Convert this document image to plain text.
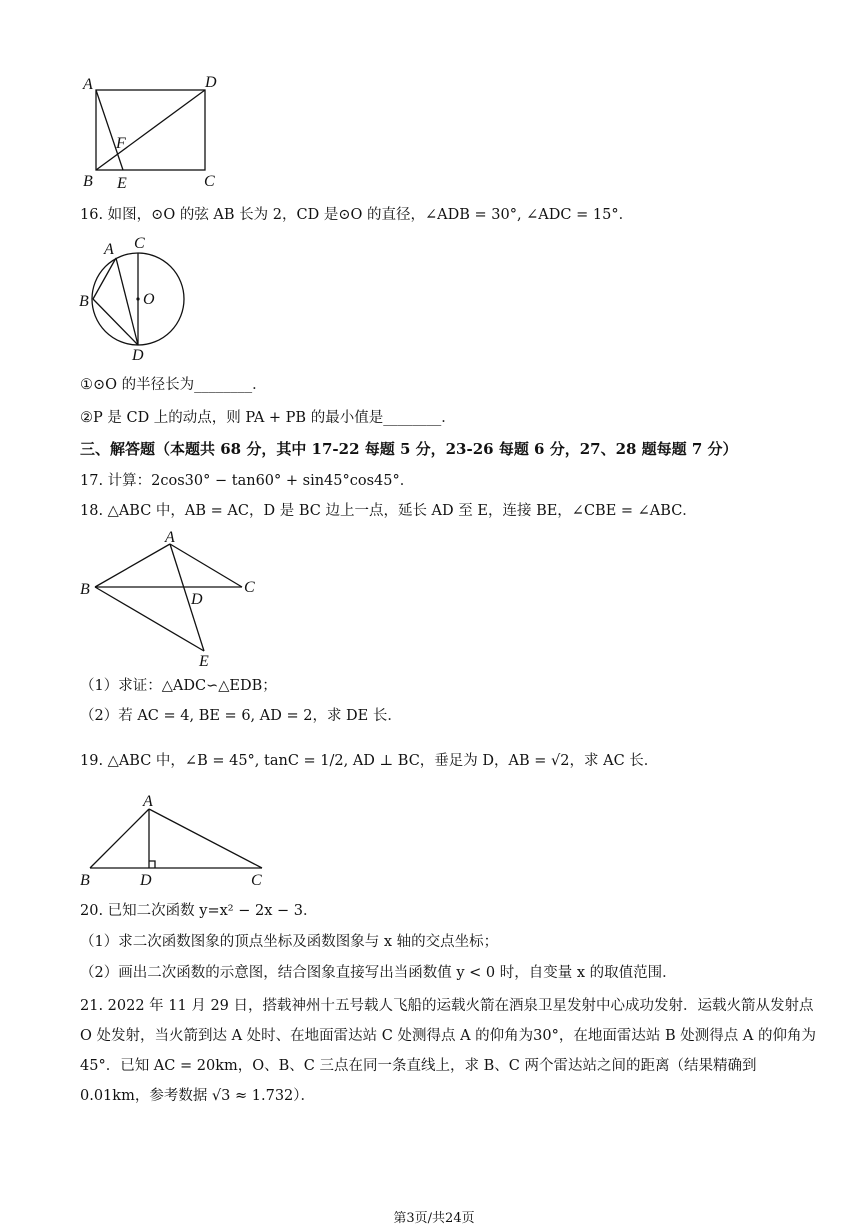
A	D
F
B E	C
16. 如图，⊙O 的弦 AB 长为 2，CD 是⊙O 的直径，∠ADB = 30°, ∠ADC = 15°．
A C
B	O
D
①⊙O 的半径长为________．
②P 是 CD 上的动点，则 PA + PB 的最小值是________．
三、解答题（本题共 68 分，其中 17-22 每题 5 分，23-26 每题 6 分，27、28 题每题 7 分）
17. 计算：2cos30° − tan60° + sin45°cos45°．
18. △ABC 中，AB = AC，D 是 BC 边上一点，延长 AD 至 E，连接 BE，∠CBE = ∠ABC．
A
B	C
D
E
（1）求证：△ADC∽△EDB；
（2）若 AC = 4, BE = 6, AD = 2，求 DE 长．
19. △ABC 中，∠B = 45°, tanC = 1/2, AD ⊥ BC，垂足为 D，AB = √2，求 AC 长．
A
B	D	C
20. 已知二次函数 y=x² − 2x − 3．
（1）求二次函数图象的顶点坐标及函数图象与 x 轴的交点坐标；
（2）画出二次函数的示意图，结合图象直接写出当函数值 y < 0 时，自变量 x 的取值范围．
21. 2022 年 11 月 29 日，搭载神州十五号载人飞船的运载火箭在酒泉卫星发射中心成功发射．运载火箭从发射点 O 处发射，当火箭到达 A 处时、在地面雷达站 C 处测得点 A 的仰角为30°，在地面雷达站 B 处测得点 A 的仰角为45°．已知 AC = 20km，O、B、C 三点在同一条直线上，求 B、C 两个雷达站之间的距离（结果精确到 0.01km，参考数据 √3 ≈ 1.732）．
第3页/共24页
